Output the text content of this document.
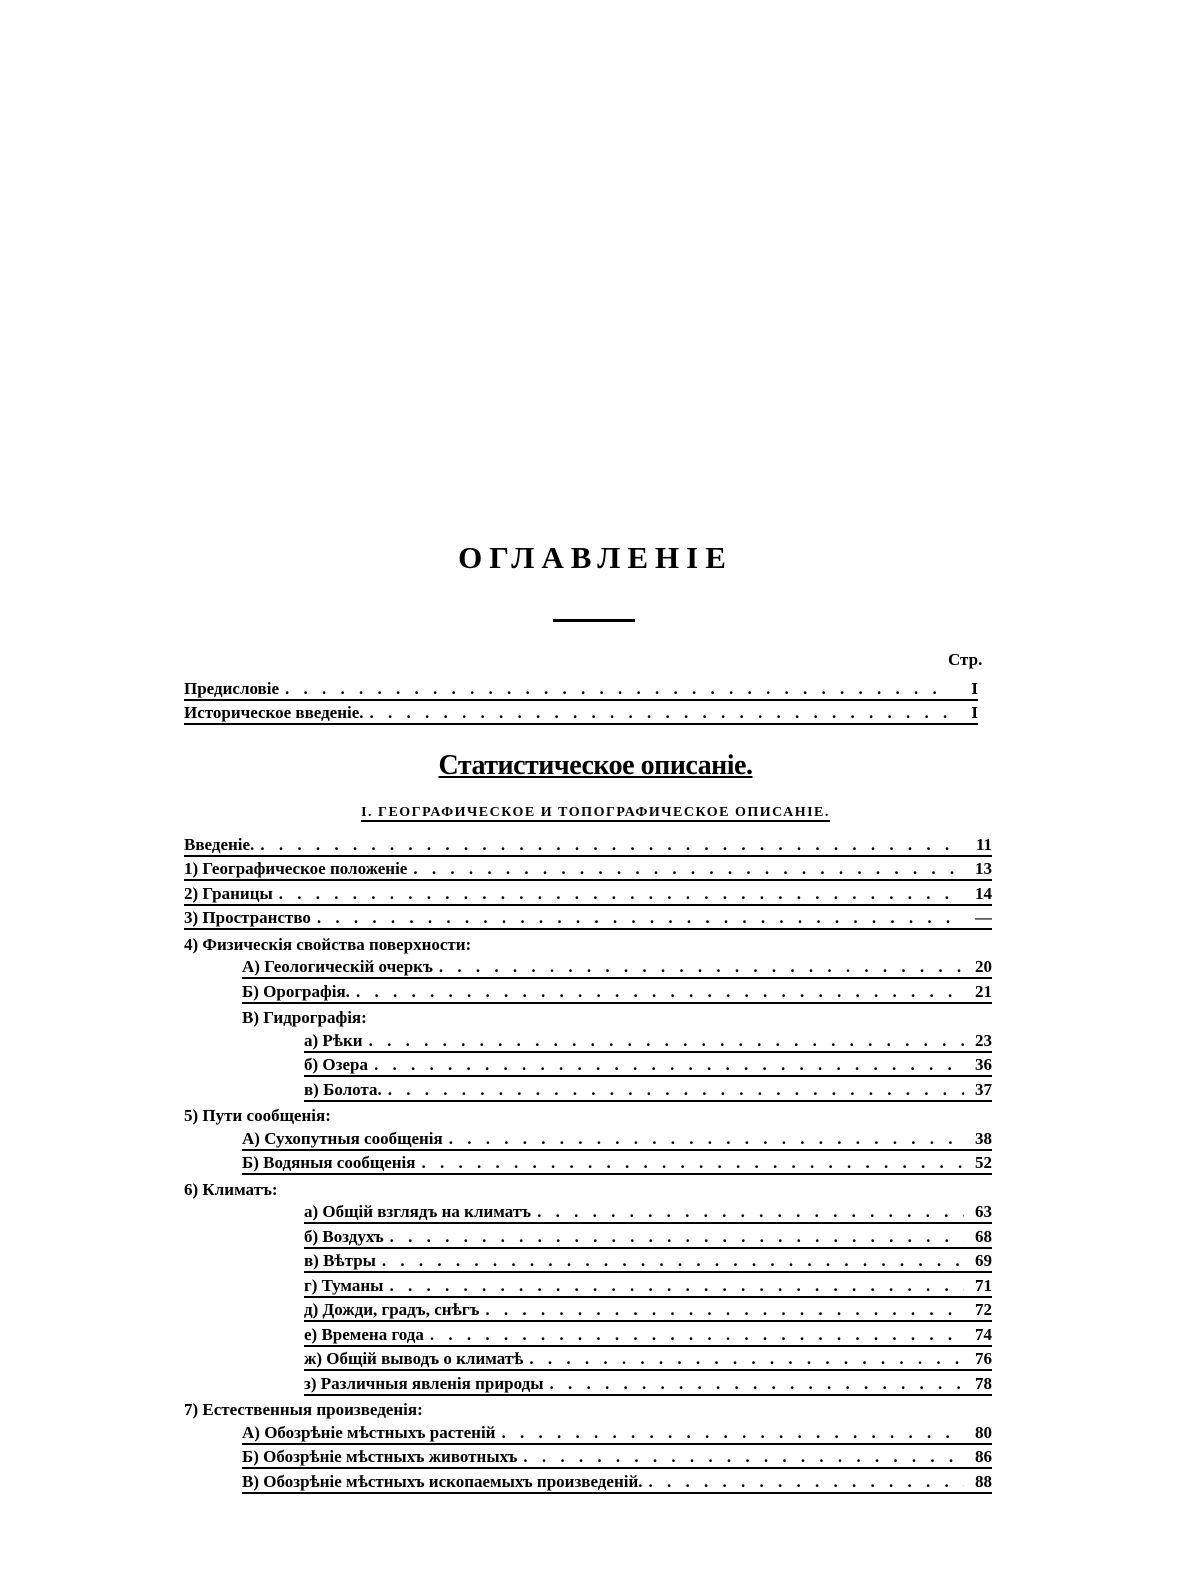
ОГЛАВЛЕНІЕ
Стр.
Предисловіе . . .	I
Историческое введеніе. . . .	I
Статистическое описаніе.
I. ГЕОГРАФИЧЕСКОЕ И ТОПОГРАФИЧЕСКОЕ ОПИСАНІЕ.
Введеніе. . . .	11
1) Географическое положеніе . . .	13
2) Границы . . .	14
3) Пространство . . .	—
4) Физическія свойства поверхности:
А) Геологическій очеркъ . . .	20
Б) Орографія. . . .	21
В) Гидрографія:
а) Рѣки . . .	23
б) Озера . . .	36
в) Болота. . . .	37
5) Пути сообщенія:
А) Сухопутныя сообщенія . . .	38
Б) Водяныя сообщенія . . .	52
6) Климатъ:
а) Общій взглядъ на климатъ . . .	63
б) Воздухъ . . .	68
в) Вѣтры . . .	69
г) Туманы . . .	71
д) Дожди, градъ, снѣгъ . . .	72
е) Времена года . . .	74
ж) Общій выводъ о климатѣ . . .	76
з) Различныя явленія природы . . .	78
7) Естественныя произведенія:
А) Обозрѣніе мѣстныхъ растеній . . .	80
Б) Обозрѣніе мѣстныхъ животныхъ . . .	86
В) Обозрѣніе мѣстныхъ ископаемыхъ произведеній. . . .	88
